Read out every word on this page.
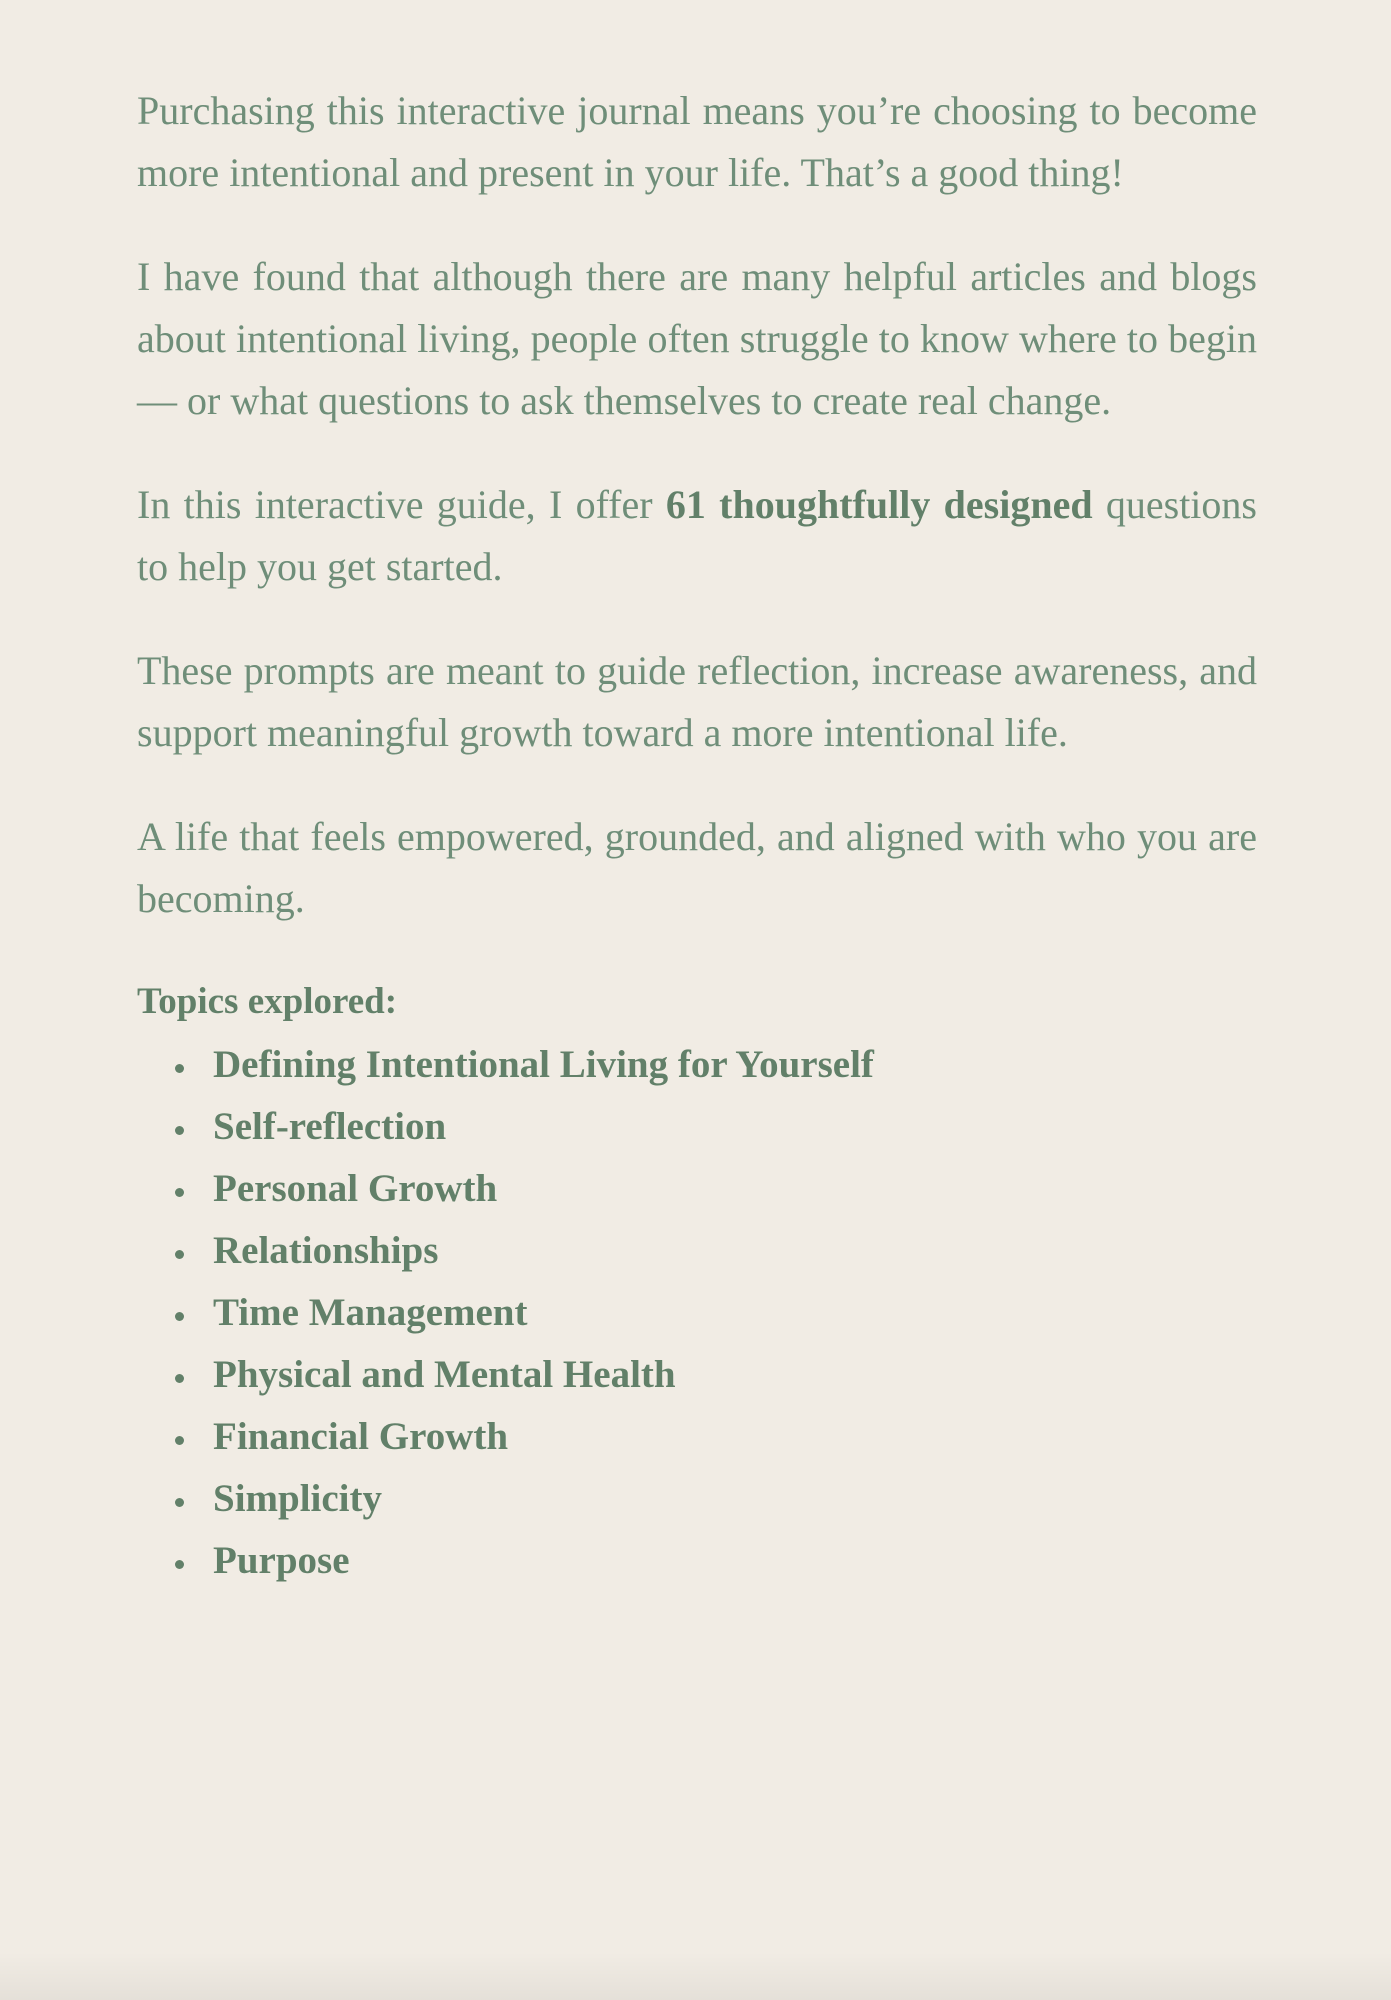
Purchasing this interactive journal means you’re choosing to become more intentional and present in your life. That’s a good thing!

I have found that although there are many helpful articles and blogs about intentional living, people often struggle to know where to begin — or what questions to ask themselves to create real change.

In this interactive guide, I offer 61 thoughtfully designed questions to help you get started.

These prompts are meant to guide reflection, increase awareness, and support meaningful growth toward a more intentional life.

A life that feels empowered, grounded, and aligned with who you are becoming.

Topics explored:

• Defining Intentional Living for Yourself
• Self-reflection
• Personal Growth
• Relationships
• Time Management
• Physical and Mental Health
• Financial Growth
• Simplicity
• Purpose
